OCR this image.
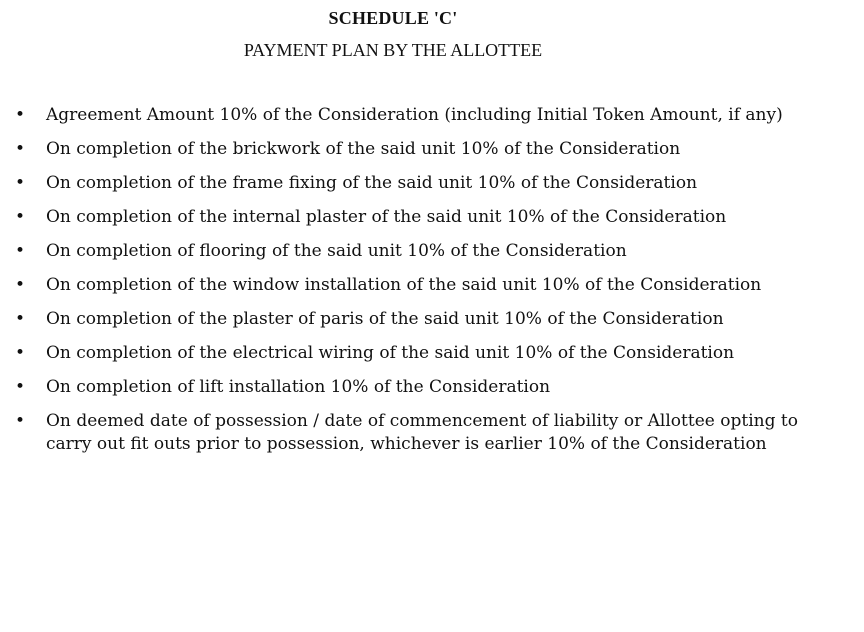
SCHEDULE 'C'
PAYMENT PLAN BY THE ALLOTTEE
• Agreement Amount 10% of the Consideration (including Initial Token Amount, if any)
• On completion of the brickwork of the said unit 10% of the Consideration
• On completion of the frame fixing of the said unit 10% of the Consideration
• On completion of the internal plaster of the said unit 10% of the Consideration
• On completion of flooring of the said unit 10% of the Consideration
• On completion of the window installation of the said unit 10% of the Consideration
• On completion of the plaster of paris of the said unit 10% of the Consideration
• On completion of the electrical wiring of the said unit 10% of the Consideration
• On completion of lift installation 10% of the Consideration
• On deemed date of possession / date of commencement of liability or Allottee opting to carry out fit outs prior to possession, whichever is earlier 10% of the Consideration
